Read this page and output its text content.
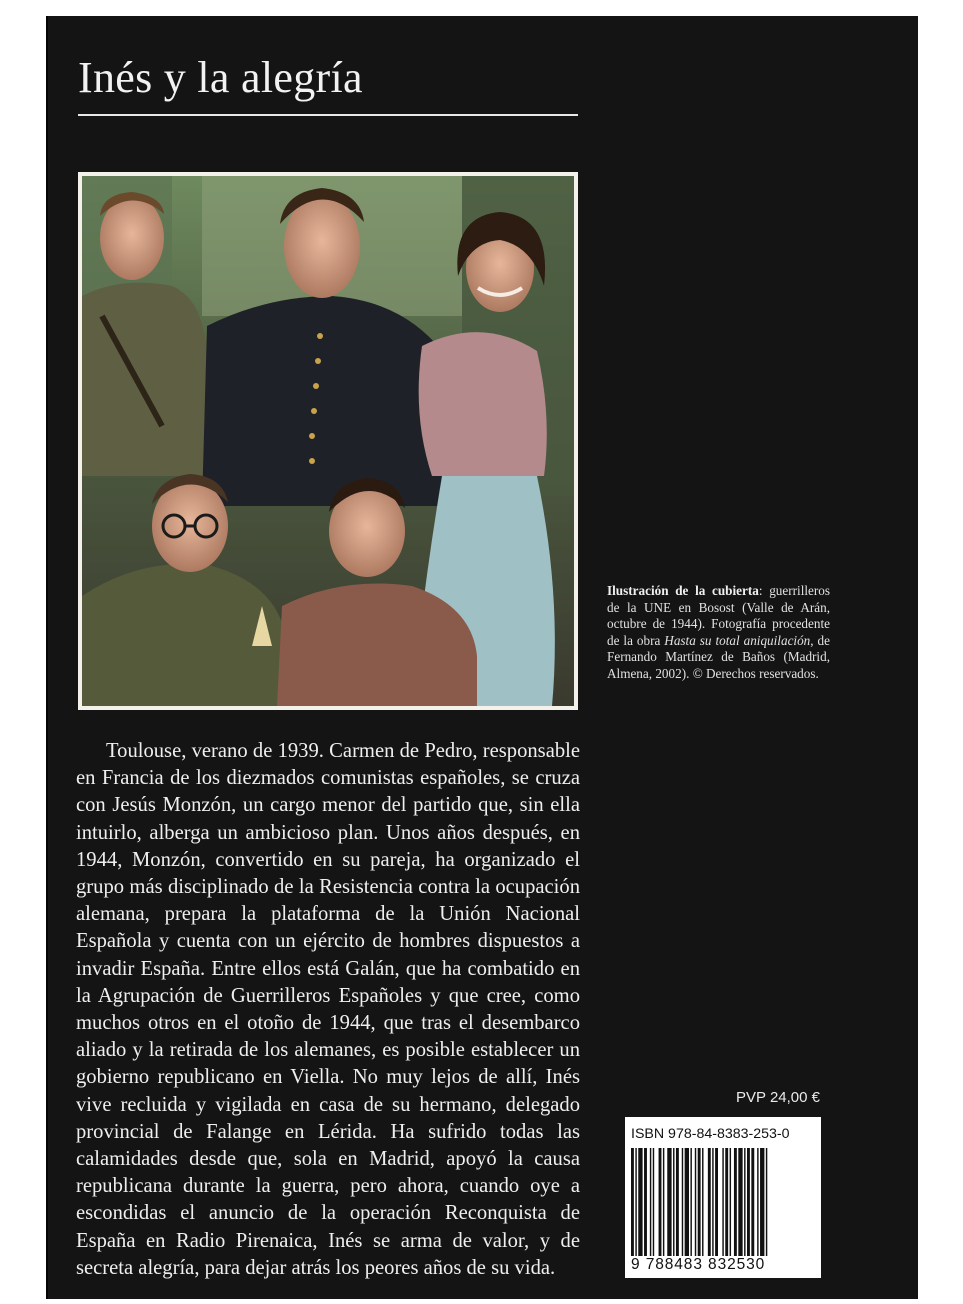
Inés y la alegría

Ilustración de la cubierta: guerrilleros de la UNE en Bosost (Valle de Arán, octubre de 1944). Fotografía procedente de la obra Hasta su total aniquilación, de Fernando Martínez de Baños (Madrid, Almena, 2002). © Derechos reservados.

Toulouse, verano de 1939. Carmen de Pedro, responsable en Francia de los diezmados comunistas españoles, se cruza con Jesús Monzón, un cargo menor del partido que, sin ella intuirlo, alberga un ambicioso plan. Unos años después, en 1944, Monzón, convertido en su pareja, ha organizado el grupo más disciplinado de la Resistencia contra la ocupación alemana, prepara la plataforma de la Unión Nacional Española y cuenta con un ejército de hombres dispuestos a invadir España. Entre ellos está Galán, que ha combatido en la Agrupación de Guerrilleros Españoles y que cree, como muchos otros en el otoño de 1944, que tras el desembarco aliado y la retirada de los alemanes, es posible establecer un gobierno republicano en Viella. No muy lejos de allí, Inés vive recluida y vigilada en casa de su hermano, delegado provincial de Falange en Lérida. Ha sufrido todas las calamidades desde que, sola en Madrid, apoyó la causa republicana durante la guerra, pero ahora, cuando oye a escondidas el anuncio de la operación Reconquista de España en Radio Pirenaica, Inés se arma de valor, y de secreta alegría, para dejar atrás los peores años de su vida.

PVP 24,00 €
ISBN 978-84-8383-253-0
9 788483 832530
